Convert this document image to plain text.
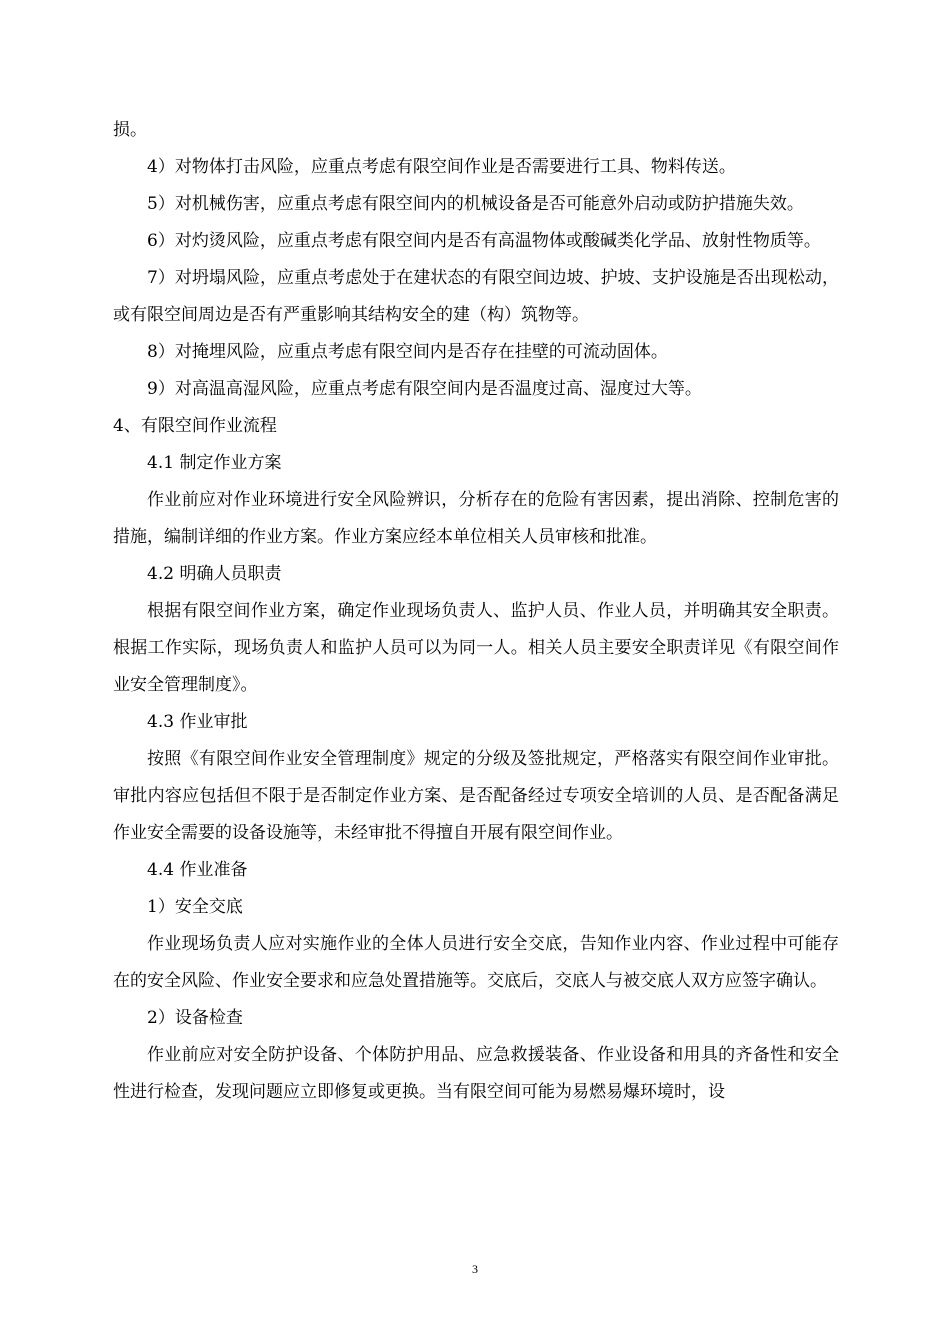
损。

4）对物体打击风险，应重点考虑有限空间作业是否需要进行工具、物料传送。

5）对机械伤害，应重点考虑有限空间内的机械设备是否可能意外启动或防护措施失效。

6）对灼烫风险，应重点考虑有限空间内是否有高温物体或酸碱类化学品、放射性物质等。

7）对坍塌风险，应重点考虑处于在建状态的有限空间边坡、护坡、支护设施是否出现松动，或有限空间周边是否有严重影响其结构安全的建（构）筑物等。

8）对掩埋风险，应重点考虑有限空间内是否存在挂壁的可流动固体。

9）对高温高湿风险，应重点考虑有限空间内是否温度过高、湿度过大等。

4、有限空间作业流程

4.1 制定作业方案

作业前应对作业环境进行安全风险辨识，分析存在的危险有害因素，提出消除、控制危害的措施，编制详细的作业方案。作业方案应经本单位相关人员审核和批准。

4.2 明确人员职责

根据有限空间作业方案，确定作业现场负责人、监护人员、作业人员，并明确其安全职责。根据工作实际，现场负责人和监护人员可以为同一人。相关人员主要安全职责详见《有限空间作业安全管理制度》。

4.3 作业审批

按照《有限空间作业安全管理制度》规定的分级及签批规定，严格落实有限空间作业审批。审批内容应包括但不限于是否制定作业方案、是否配备经过专项安全培训的人员、是否配备满足作业安全需要的设备设施等，未经审批不得擅自开展有限空间作业。

4.4 作业准备

1）安全交底

作业现场负责人应对实施作业的全体人员进行安全交底，告知作业内容、作业过程中可能存在的安全风险、作业安全要求和应急处置措施等。交底后，交底人与被交底人双方应签字确认。

2）设备检查

作业前应对安全防护设备、个体防护用品、应急救援装备、作业设备和用具的齐备性和安全性进行检查，发现问题应立即修复或更换。当有限空间可能为易燃易爆环境时，设

3
